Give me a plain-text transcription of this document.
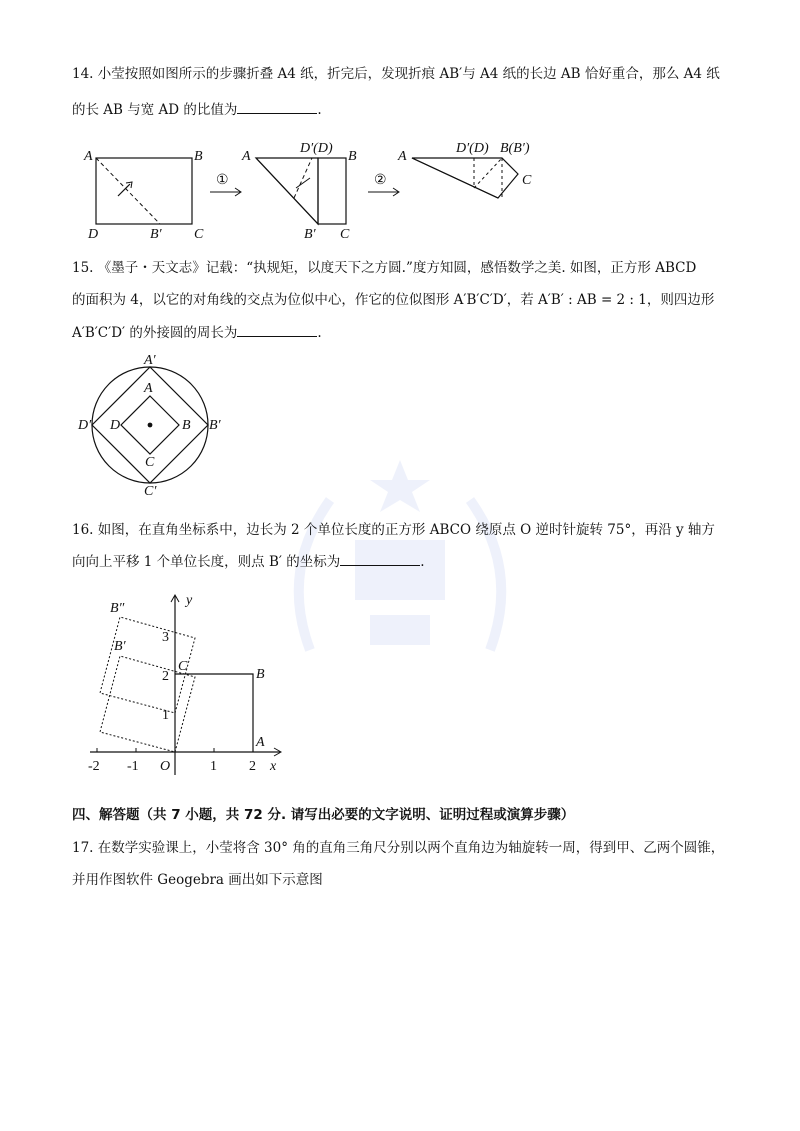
14. 小莹按照如图所示的步骤折叠 A4 纸，折完后，发现折痕 AB′与 A4 纸的长边 AB 恰好重合，那么 A4 纸
的长 AB 与宽 AD 的比值为	.
A	B
C
D	B′
①
A
D′(D)
B
B′ C
②
A
D′(D) B(B′)
C
15. 《墨子・天文志》记载：“执规矩，以度天下之方圆.”度方知圆，感悟数学之美. 如图，正方形 ABCD
的面积为 4，以它的对角线的交点为位似中心，作它的位似图形 A′B′C′D′，若 A′B′ : AB = 2 : 1，则四边形
A′B′C′D′ 的外接圆的周长为	.
A
B
C
D
A′
B′
C′
D′
16. 如图，在直角坐标系中，边长为 2 个单位长度的正方形 ABCO 绕原点 O 逆时针旋转 75°，再沿 y 轴方
向向上平移 1 个单位长度，则点 B′ 的坐标为	.
y
x
O
A
B
C
B′
B″
-2 -1	1 2
1
2
3
四、解答题（共 7 小题，共 72 分. 请写出必要的文字说明、证明过程或演算步骤）
17. 在数学实验课上，小莹将含 30° 角的直角三角尺分别以两个直角边为轴旋转一周，得到甲、乙两个圆锥，
并用作图软件 Geogebra 画出如下示意图
